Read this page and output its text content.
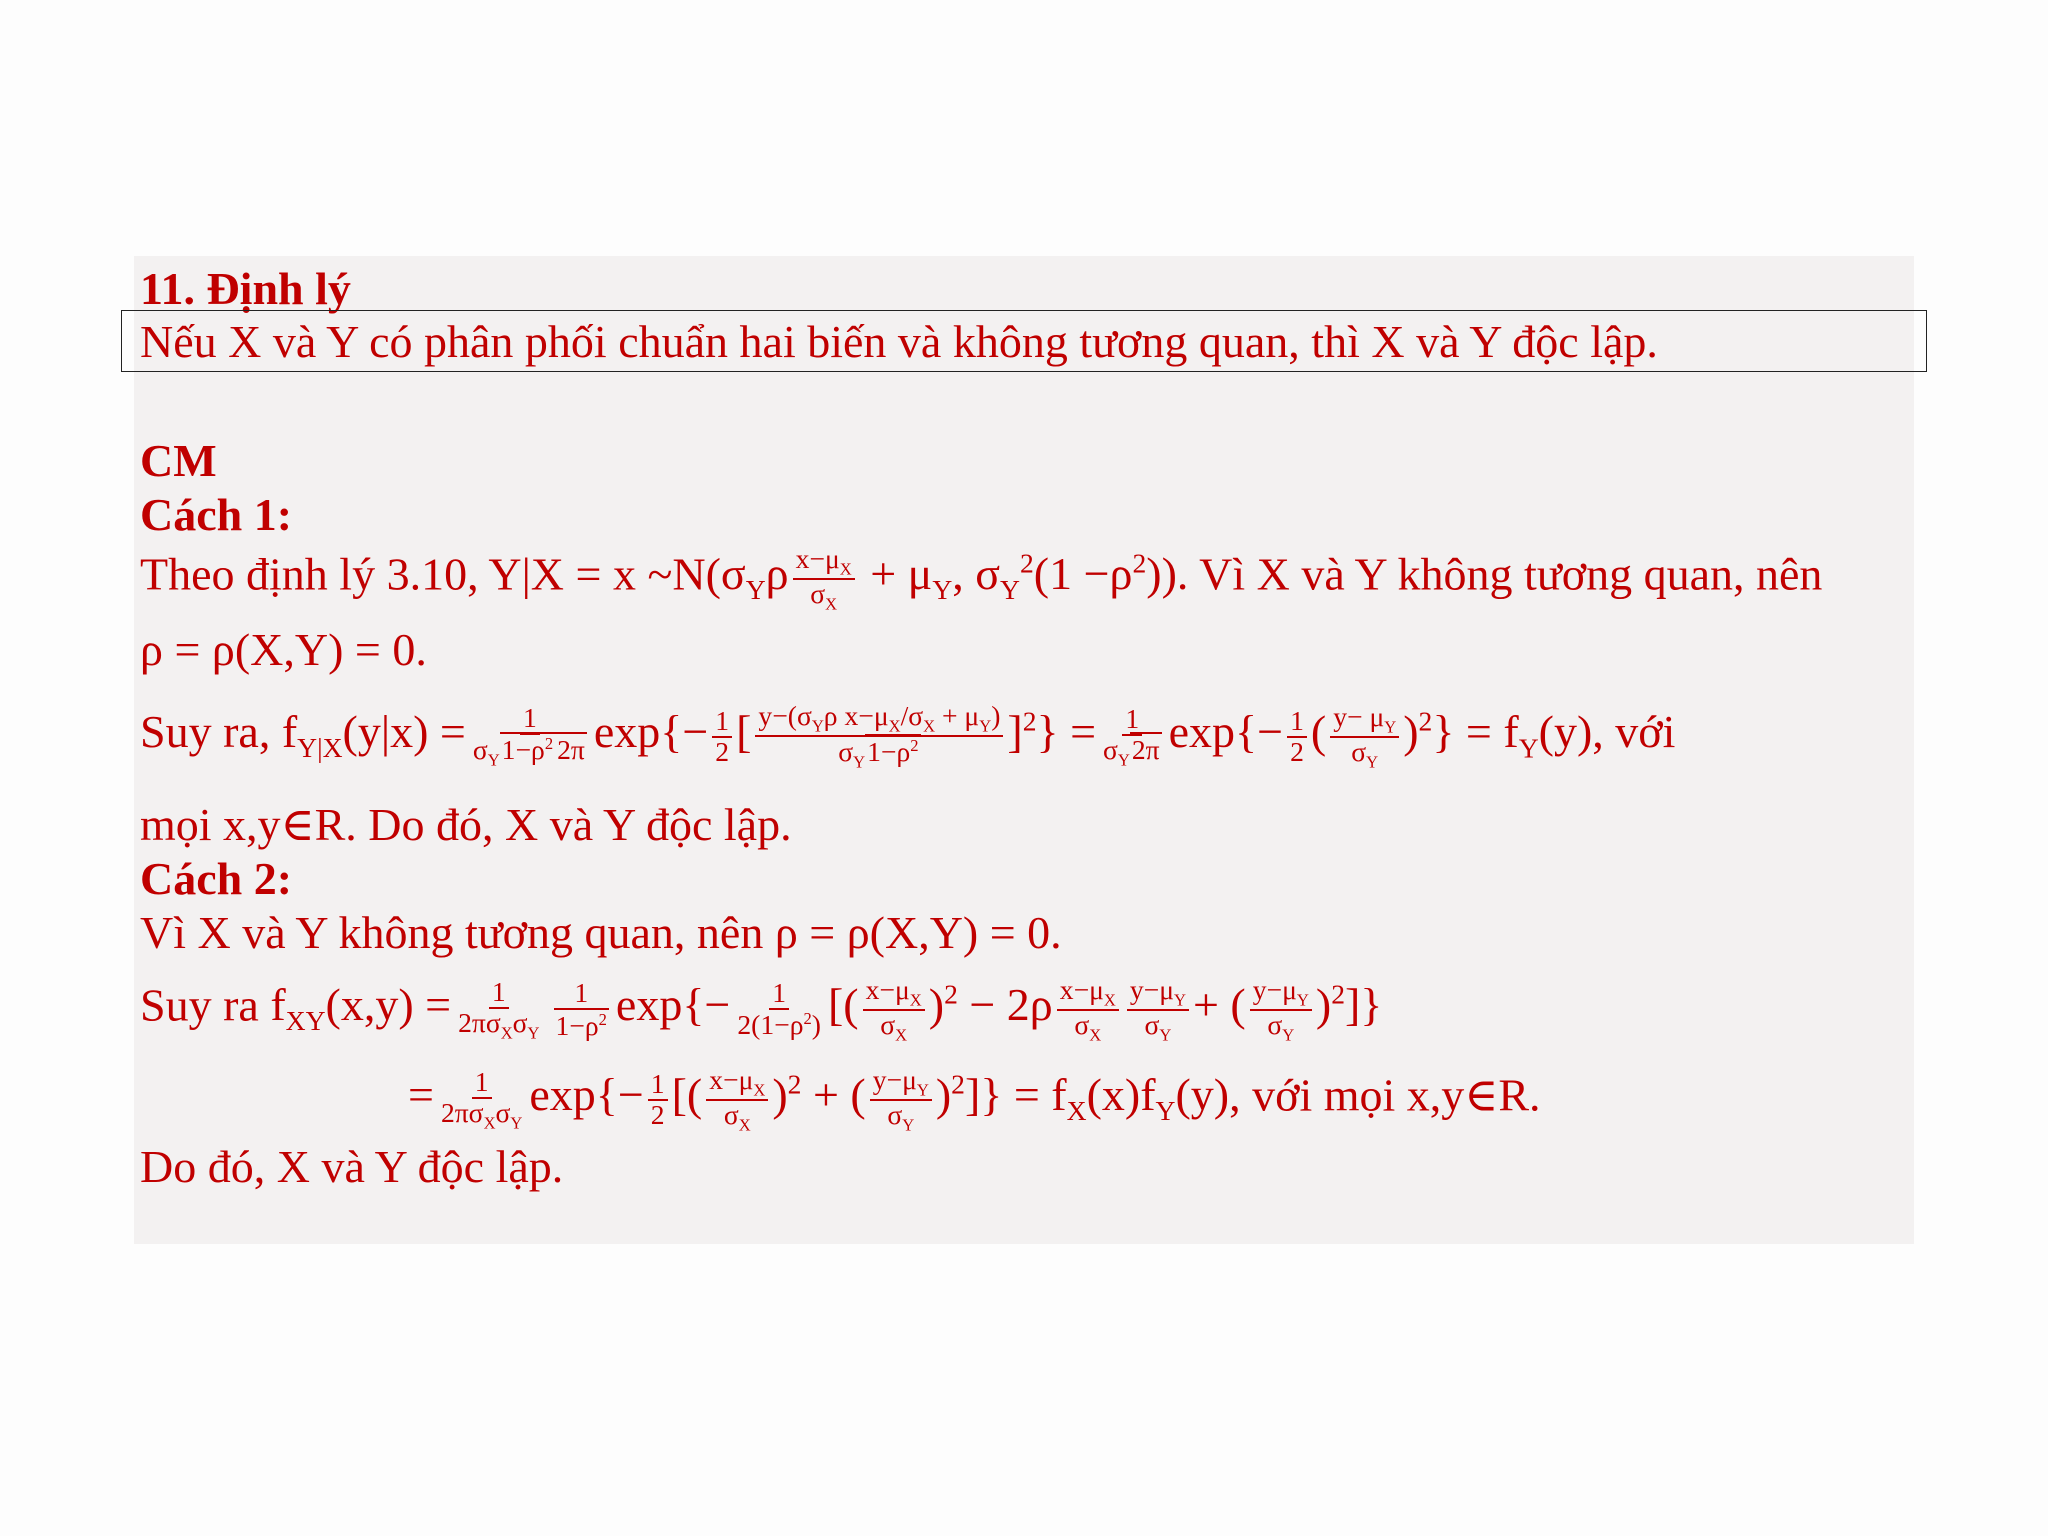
11. Định lý
Nếu X và Y có phân phối chuẩn hai biến và không tương quan, thì X và Y độc lập.
CM
Cách 1:
Theo định lý 3.10, Y|X = x $\sim N(\sigma_Y\rho \frac{x-\mu_X}{\sigma_X} + \mu_Y$, $\sigma_Y^2(1 -\rho^2)$). Vì X và Y không tương quan, nên
ρ = ρ(X,Y) = 0.
Suy ra, $f_{Y|X}(y|x) = \frac{1}{\sigma_Y1-\rho^2 2\pi} \exp\{- \frac{1}{2}$ [ $\frac{y-(\sigma_Y\rho x-\mu_X/\sigma_X + \mu_Y)}{\sigma_Y1-\rho^2} ]^2\} = \frac{1}{\sigma_Y2\pi} \exp\{- \frac{1}{2}$ ( $\frac{y- \mu_Y}{\sigma_Y} )^2\} = f_Y(y)$, với
mọi x,y∈R. Do đó, X và Y độc lập.
Cách 2:
Vì X và Y không tương quan, nên ρ = ρ(X,Y) = 0.
Suy ra $f_{XY}(x,y) = \frac{1}{2\pi\sigma_X\sigma_Y} \frac{1}{1-\rho^2} \exp\{- \frac{1}{2(1-\rho^2)}$ [( $\frac{x-\mu_X}{\sigma_X} )^2 - 2\rho \frac{x-\mu_X}{\sigma_X} \frac{y-\mu_Y}{\sigma_Y}$ + ( $\frac{y-\mu_Y}{\sigma_Y} )^2$]}
= $\frac{1}{2\pi\sigma_X\sigma_Y} \exp\{- \frac{1}{2}$ [( $\frac{x-\mu_X}{\sigma_X} )^2$ + ( $\frac{y-\mu_Y}{\sigma_Y} )^2]\} = f_X(x)f_Y(y)$, với mọi x,y∈R.
Do đó, X và Y độc lập.
